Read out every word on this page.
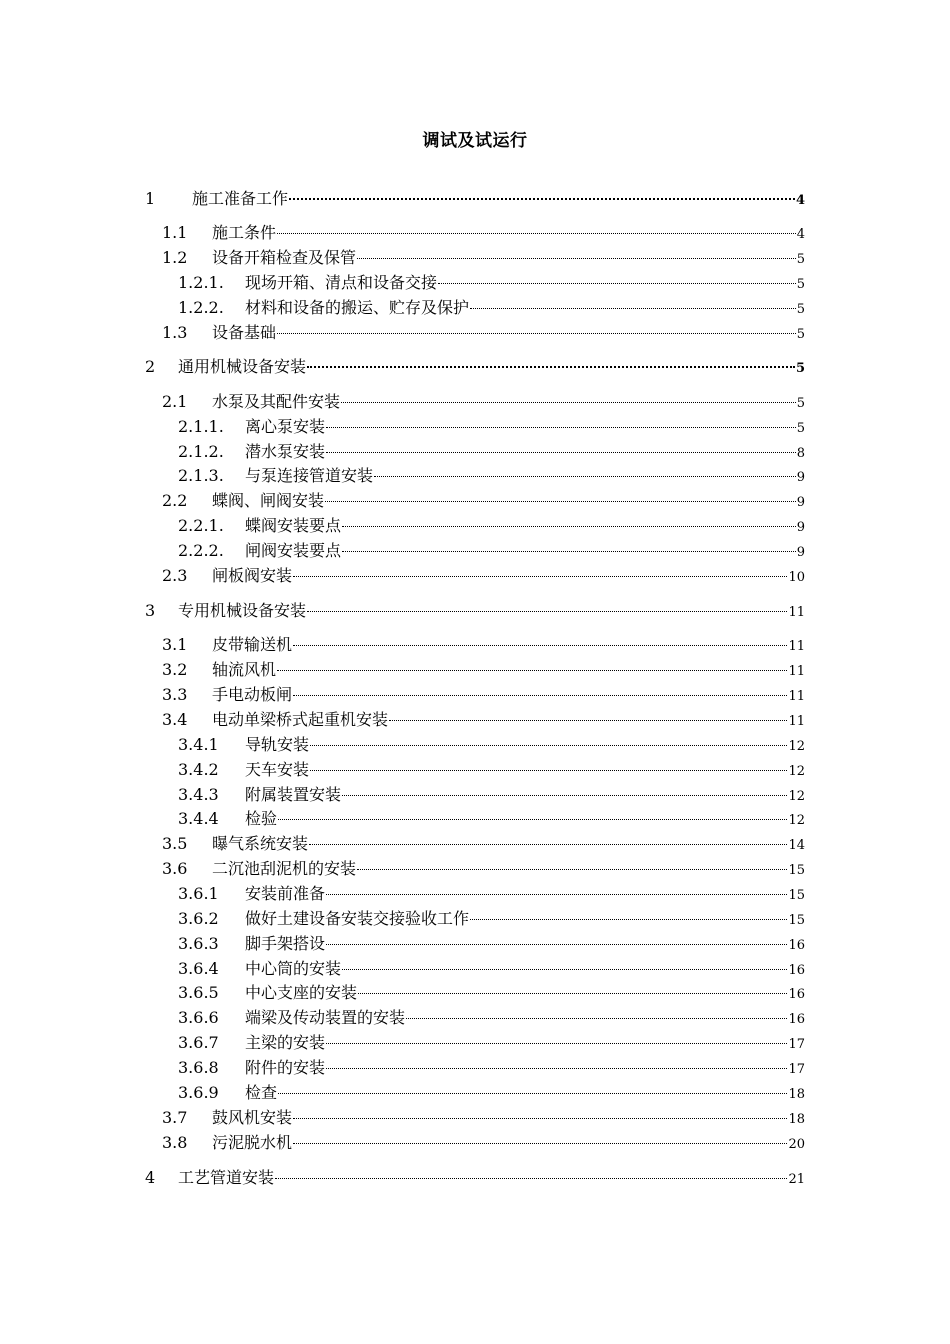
调试及试运行
1	施工准备工作	4
1.1	施工条件	4
1.2	设备开箱检查及保管	5
1.2.1.	现场开箱、清点和设备交接	5
1.2.2.	材料和设备的搬运、贮存及保护	5
1.3	设备基础	5
2	通用机械设备安装	5
2.1	水泵及其配件安装	5
2.1.1.	离心泵安装	5
2.1.2.	潜水泵安装	8
2.1.3.	与泵连接管道安装	9
2.2	蝶阀、闸阀安装	9
2.2.1.	蝶阀安装要点	9
2.2.2.	闸阀安装要点	9
2.3	闸板阀安装	10
3	专用机械设备安装	11
3.1	皮带输送机	11
3.2	轴流风机	11
3.3	手电动板闸	11
3.4	电动单梁桥式起重机安装	11
3.4.1	导轨安装	12
3.4.2	天车安装	12
3.4.3	附属装置安装	12
3.4.4	检验	12
3.5	曝气系统安装	14
3.6	二沉池刮泥机的安装	15
3.6.1	安装前准备	15
3.6.2	做好土建设备安装交接验收工作	15
3.6.3	脚手架搭设	16
3.6.4	中心筒的安装	16
3.6.5	中心支座的安装	16
3.6.6	端梁及传动装置的安装	16
3.6.7	主梁的安装	17
3.6.8	附件的安装	17
3.6.9	检查	18
3.7	鼓风机安装	18
3.8	污泥脱水机	20
4	工艺管道安装	21
